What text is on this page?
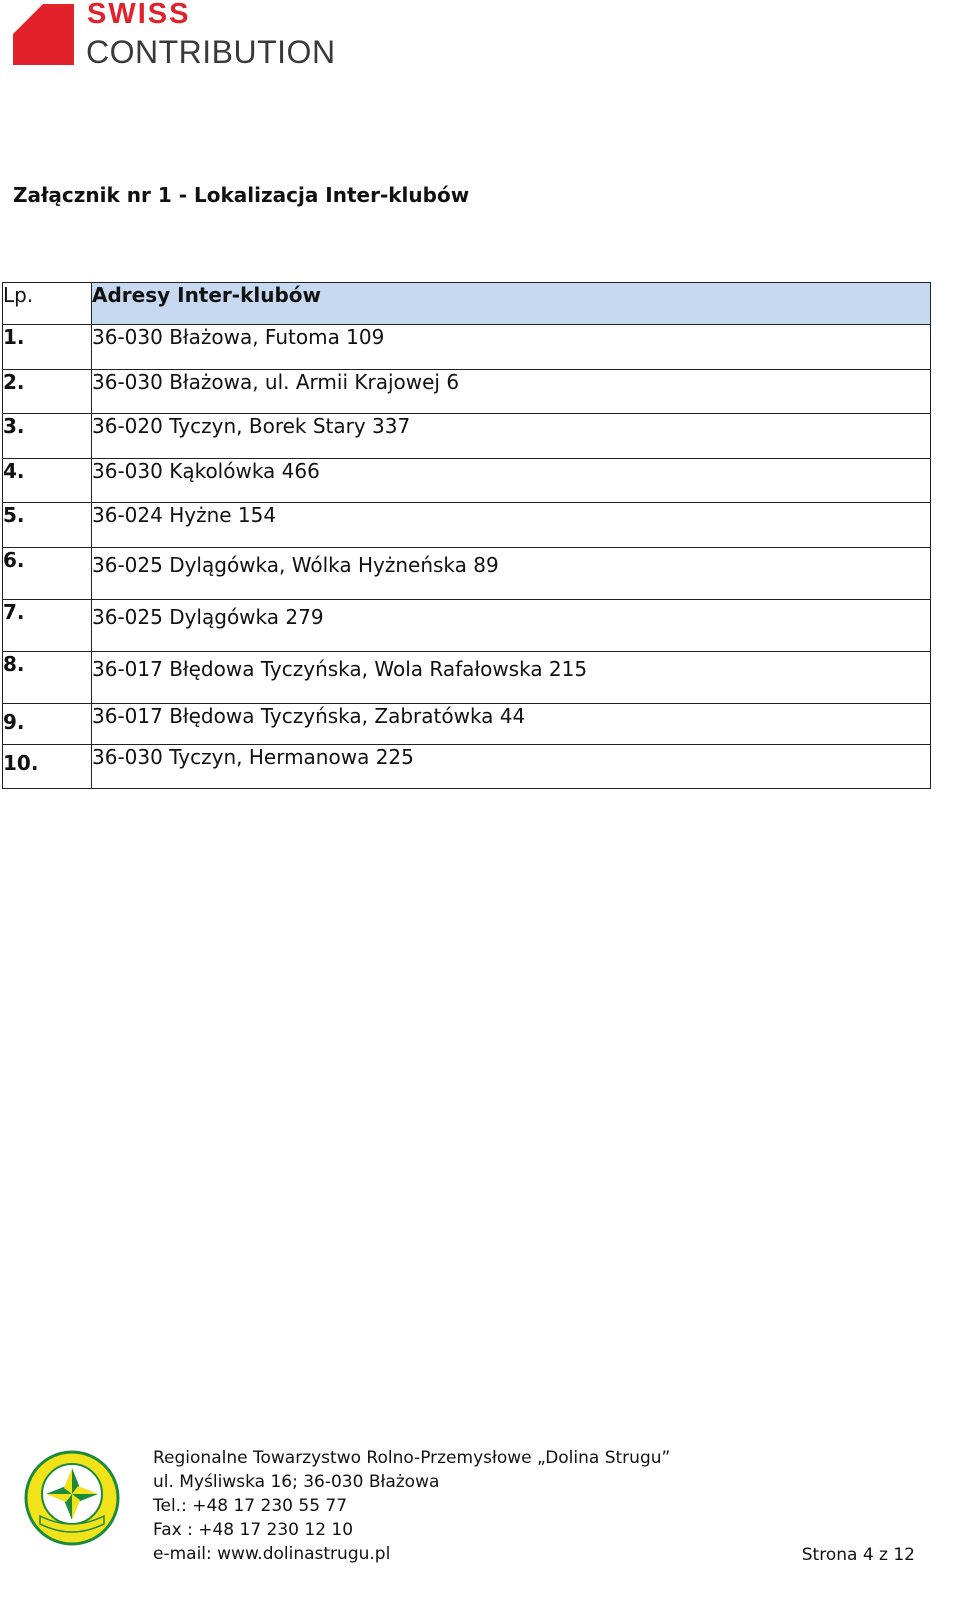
SWISS
CONTRIBUTION
Załącznik nr 1 - Lokalizacja Inter-klubów
Lp.	Adresy Inter-klubów
1.	36-030 Błażowa, Futoma 109
2.	36-030 Błażowa, ul. Armii Krajowej 6
3.	36-020 Tyczyn, Borek Stary 337
4.	36-030 Kąkolówka 466
5.	36-024 Hyżne 154
6.	36-025 Dylągówka, Wólka Hyżneńska 89
7.	36-025 Dylągówka 279
8.	36-017 Błędowa Tyczyńska, Wola Rafałowska 215
9.	36-017 Błędowa Tyczyńska, Zabratówka 44
10.	36-030 Tyczyn, Hermanowa 225
Regionalne Towarzystwo Rolno-Przemysłowe „Dolina Strugu”
ul. Myśliwska 16; 36-030 Błażowa
Tel.: +48 17 230 55 77
Fax : +48 17 230 12 10
e-mail: www.dolinastrugu.pl	Strona 4 z 12
